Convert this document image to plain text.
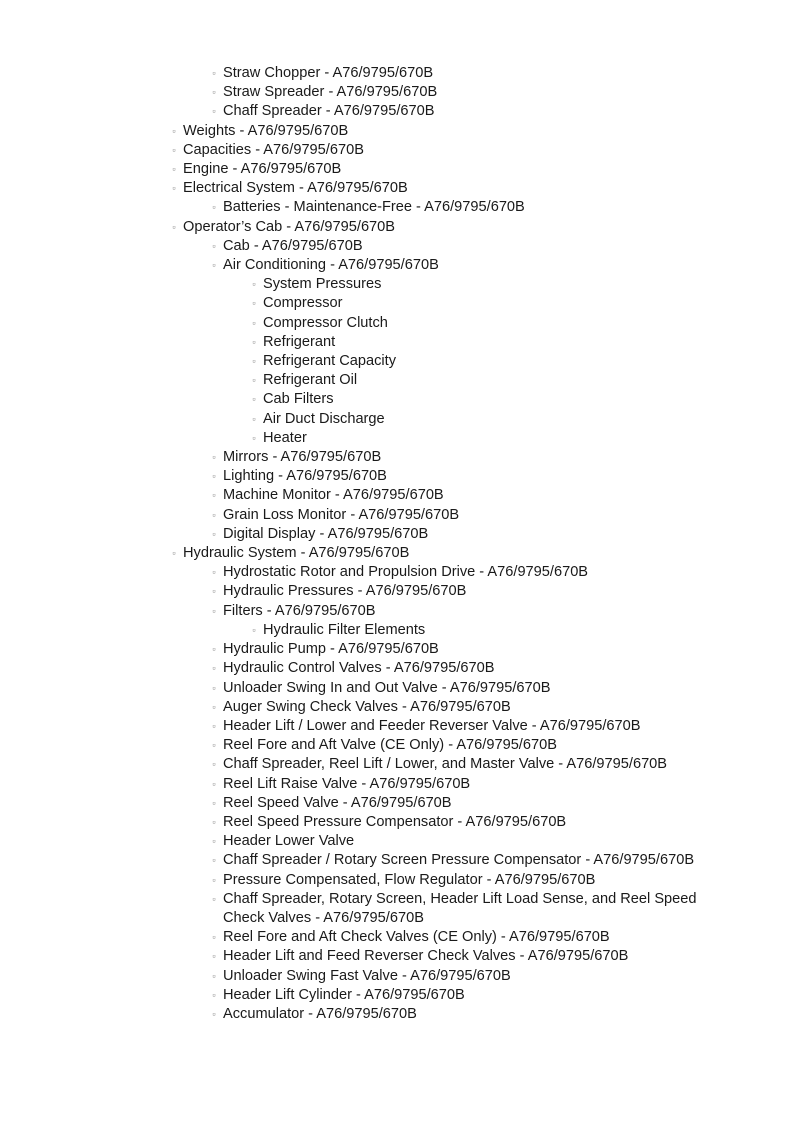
▫ Straw Chopper - A76/9795/670B
▫ Straw Spreader - A76/9795/670B
▫ Chaff Spreader - A76/9795/670B
▫ Weights - A76/9795/670B
▫ Capacities - A76/9795/670B
▫ Engine - A76/9795/670B
▫ Electrical System - A76/9795/670B
▫ Batteries - Maintenance-Free - A76/9795/670B
▫ Operator’s Cab - A76/9795/670B
▫ Cab - A76/9795/670B
▫ Air Conditioning - A76/9795/670B
▫ System Pressures
▫ Compressor
▫ Compressor Clutch
▫ Refrigerant
▫ Refrigerant Capacity
▫ Refrigerant Oil
▫ Cab Filters
▫ Air Duct Discharge
▫ Heater
▫ Mirrors - A76/9795/670B
▫ Lighting - A76/9795/670B
▫ Machine Monitor - A76/9795/670B
▫ Grain Loss Monitor - A76/9795/670B
▫ Digital Display - A76/9795/670B
▫ Hydraulic System - A76/9795/670B
▫ Hydrostatic Rotor and Propulsion Drive - A76/9795/670B
▫ Hydraulic Pressures - A76/9795/670B
▫ Filters - A76/9795/670B
▫ Hydraulic Filter Elements
▫ Hydraulic Pump - A76/9795/670B
▫ Hydraulic Control Valves - A76/9795/670B
▫ Unloader Swing In and Out Valve - A76/9795/670B
▫ Auger Swing Check Valves - A76/9795/670B
▫ Header Lift / Lower and Feeder Reverser Valve - A76/9795/670B
▫ Reel Fore and Aft Valve (CE Only) - A76/9795/670B
▫ Chaff Spreader, Reel Lift / Lower, and Master Valve - A76/9795/670B
▫ Reel Lift Raise Valve - A76/9795/670B
▫ Reel Speed Valve - A76/9795/670B
▫ Reel Speed Pressure Compensator - A76/9795/670B
▫ Header Lower Valve
▫ Chaff Spreader / Rotary Screen Pressure Compensator - A76/9795/670B
▫ Pressure Compensated, Flow Regulator - A76/9795/670B
▫ Chaff Spreader, Rotary Screen, Header Lift Load Sense, and Reel Speed Check Valves - A76/9795/670B
▫ Reel Fore and Aft Check Valves (CE Only) - A76/9795/670B
▫ Header Lift and Feed Reverser Check Valves - A76/9795/670B
▫ Unloader Swing Fast Valve - A76/9795/670B
▫ Header Lift Cylinder - A76/9795/670B
▫ Accumulator - A76/9795/670B
